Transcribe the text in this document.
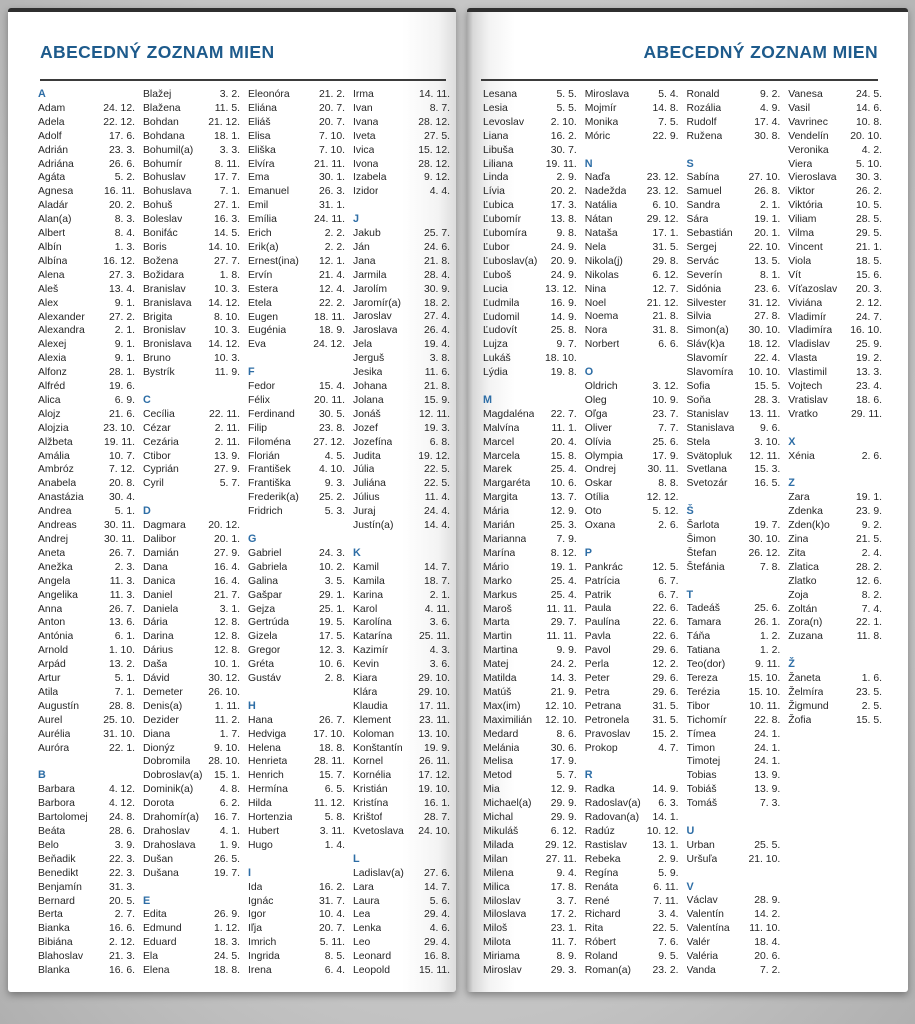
ABECEDNÝ ZOZNAM MIEN
A
Adam	24. 12.
Adela	22. 12.
Adolf	17. 6.
Adrián	23. 3.
Adriána	26. 6.
Agáta	5. 2.
Agnesa	16. 11.
Aladár	20. 2.
Alan(a)	8. 3.
Albert	8. 4.
Albín	1. 3.
Albína	16. 12.
Alena	27. 3.
Aleš	13. 4.
Alex	9. 1.
Alexander 27. 2.
Alexandra	2. 1.
Alexej	9. 1.
Alexia	9. 1.
Alfonz	28. 1.
Alfréd	19. 6.
Alica	6. 9.
Alojz	21. 6.
Alojzia	23. 10.
Alžbeta	19. 11.
Amália	10. 7.
Ambróz	7. 12.
Anabela	20. 8.
Anastázia 30. 4.
Andrea	5. 1.
Andreas	30. 11.
Andrej	30. 11.
Aneta	26. 7.
Anežka	2. 3.
Angela	11. 3.
Angelika	11. 3.
Anna	26. 7.
Anton	13. 6.
Antónia	6. 1.
Arnold	1. 10.
Arpád	13. 2.
Artur	5. 1.
Atila	7. 1.
Augustín	28. 8.
Aurel	25. 10.
Aurélia	31. 10.
Auróra	22. 1.
B
Barbara	4. 12.
Barbora	4. 12.
Bartolomej 24. 8.
Beáta	28. 6.
Belo	3. 9.
Beňadik	22. 3.
Benedikt	22. 3.
Benjamín	31. 3.
Bernard	20. 5.
Berta	2. 7.
Bianka	16. 6.
Bibiána	2. 12.
Blahoslav 21. 3.
Blanka	16. 6.
Blažej	3. 2.
Blažena	11. 5.
Bohdan	21. 12.
Bohdana	18. 1.
Bohumil(a)	3. 3.
Bohumír	8. 11.
Bohuslav	17. 7.
Bohuslava	7. 1.
Bohuš	27. 1.
Boleslav	16. 3.
Bonifác	14. 5.
Boris	14. 10.
Božena	27. 7.
Božidara	1. 8.
Branislav	10. 3.
Branislava 14. 12.
Brigita	8. 10.
Bronislav	10. 3.
Bronislava 14. 12.
Bruno	10. 3.
Bystrík	11. 9.
C
Cecília	22. 11.
Cézar	2. 11.
Cezária	2. 11.
Ctibor	13. 9.
Cyprián	27. 9.
Cyril	5. 7.
D
Dagmara 20. 12.
Dalibor	20. 1.
Damián	27. 9.
Dana	16. 4.
Danica	16. 4.
Daniel	21. 7.
Daniela	3. 1.
Dária	12. 8.
Darina	12. 8.
Dárius	12. 8.
Daša	10. 1.
Dávid	30. 12.
Demeter 26. 10.
Denis(a)	1. 11.
Dezider	11. 2.
Diana	1. 7.
Dionýz	9. 10.
Dobromila 28. 10.
Dobroslav(a) 15. 1.
Dominik(a)	4. 8.
Dorota	6. 2.
Drahomír(a) 16. 7.
Drahoslav	4. 1.
Drahoslava 1. 9.
Dušan	26. 5.
Dušana	19. 7.
E
Edita	26. 9.
Edmund	1. 12.
Eduard	18. 3.
Ela	24. 5.
Elena	18. 8.
Eleonóra	21. 2.
Eliána	20. 7.
Eliáš	20. 7.
Elisa	7. 10.
Eliška	7. 10.
Elvíra	21. 11.
Ema	30. 1.
Emanuel	26. 3.
Emil	31. 1.
Emília	24. 11.
Erich	2. 2.
Erik(a)	2. 2.
Ernest(ina) 12. 1.
Ervín	21. 4.
Estera	12. 4.
Etela	22. 2.
Eugen	18. 11.
Eugénia	18. 9.
Eva	24. 12.
F
Fedor	15. 4.
Félix	20. 11.
Ferdinand 30. 5.
Filip	23. 8.
Filoména 27. 12.
Florián	4. 5.
František	4. 10.
Františka	9. 3.
Frederik(a) 25. 2.
Fridrich	5. 3.
G
Gabriel	24. 3.
Gabriela	10. 2.
Galina	3. 5.
Gašpar	29. 1.
Gejza	25. 1.
Gertrúda	19. 5.
Gizela	17. 5.
Gregor	12. 3.
Gréta	10. 6.
Gustáv	2. 8.
H
Hana	26. 7.
Hedviga	17. 10.
Helena	18. 8.
Henrieta	28. 11.
Henrich	15. 7.
Hermína	6. 5.
Hilda	11. 12.
Hortenzia	5. 8.
Hubert	3. 11.
Hugo	1. 4.
I
Ida	16. 2.
Ignác	31. 7.
Igor	10. 4.
Iľja	20. 7.
Imrich	5. 11.
Ingrida	8. 5.
Irena	6. 4.
Irma	14. 11.
Ivan	8. 7.
Ivana	28. 12.
Iveta	27. 5.
Ivica	15. 12.
Ivona	28. 12.
Izabela	9. 12.
Izidor	4. 4.
J
Jakub	25. 7.
Ján	24. 6.
Jana	21. 8.
Jarmila	28. 4.
Jarolím	30. 9.
Jaromír(a) 18. 2.
Jaroslav	27. 4.
Jaroslava	26. 4.
Jela	19. 4.
Jerguš	3. 8.
Jesika	11. 6.
Johana	21. 8.
Jolana	15. 9.
Jonáš	12. 11.
Jozef	19. 3.
Jozefína	6. 8.
Judita	19. 12.
Júlia	22. 5.
Juliána	22. 5.
Július	11. 4.
Juraj	24. 4.
Justín(a)	14. 4.
K
Kamil	14. 7.
Kamila	18. 7.
Karina	2. 1.
Karol	4. 11.
Karolína	3. 6.
Katarína	25. 11.
Kazimír	4. 3.
Kevin	3. 6.
Kiara	29. 10.
Klára	29. 10.
Klaudia	17. 11.
Klement	23. 11.
Koloman 13. 10.
Konštantín 19. 9.
Kornel	26. 11.
Kornélia	17. 12.
Kristián	19. 10.
Kristína	16. 1.
Krištof	28. 7.
Kvetoslava 24. 10.
L
Ladislav(a) 27. 6.
Lara	14. 7.
Laura	5. 6.
Lea	29. 4.
Lenka	4. 6.
Leo	29. 4.
Leonard	16. 8.
Leopold	15. 11.
ABECEDNÝ ZOZNAM MIEN
Lesana	5. 5.
Lesia	5. 5.
Levoslav	2. 10.
Liana	16. 2.
Libuša	30. 7.
Liliana	19. 11.
Linda	2. 9.
Lívia	20. 2.
Ľubica	17. 3.
Ľubomír	13. 8.
Ľubomíra	9. 8.
Ľubor	24. 9.
Ľuboslav(a) 20. 9.
Ľuboš	24. 9.
Lucia	13. 12.
Ľudmila	16. 9.
Ľudomil	14. 9.
Ľudovít	25. 8.
Lujza	9. 7.
Lukáš	18. 10.
Lýdia	19. 8.
M
Magdaléna 22. 7.
Malvína	11. 1.
Marcel	20. 4.
Marcela	15. 8.
Marek	25. 4.
Margaréta 10. 6.
Margita	13. 7.
Mária	12. 9.
Marián	25. 3.
Marianna	7. 9.
Marína	8. 12.
Mário	19. 1.
Marko	25. 4.
Markus	25. 4.
Maroš	11. 11.
Marta	29. 7.
Martin	11. 11.
Martina	9. 9.
Matej	24. 2.
Matilda	14. 3.
Matúš	21. 9.
Max(im) 12. 10.
Maximilián 12. 10.
Medard	8. 6.
Melánia	30. 6.
Melisa	17. 9.
Metod	5. 7.
Mia	12. 9.
Michael(a) 29. 9.
Michal	29. 9.
Mikuláš	6. 12.
Milada	29. 12.
Milan	27. 11.
Milena	9. 4.
Milica	17. 8.
Miloslav	3. 7.
Miloslava 17. 2.
Miloš	23. 1.
Milota	11. 7.
Miriama	8. 9.
Miroslav	29. 3.
Miroslava	5. 4.
Mojmír	14. 8.
Monika	7. 5.
Móric	22. 9.
N
Naďa	23. 12.
Nadežda 23. 12.
Natália	6. 10.
Nátan	29. 12.
Nataša	17. 1.
Nela	31. 5.
Nikola(j)	29. 8.
Nikolas	6. 12.
Nina	12. 7.
Noel	21. 12.
Noema	21. 8.
Nora	31. 8.
Norbert	6. 6.
O
Oldrich	3. 12.
Oleg	10. 9.
Oľga	23. 7.
Oliver	7. 7.
Olívia	25. 6.
Olympia	17. 9.
Ondrej	30. 11.
Oskar	8. 8.
Otília	12. 12.
Oto	5. 12.
Oxana	2. 6.
P
Pankrác	12. 5.
Patrícia	6. 7.
Patrik	6. 7.
Paula	22. 6.
Paulína	22. 6.
Pavla	22. 6.
Pavol	29. 6.
Perla	12. 2.
Peter	29. 6.
Petra	29. 6.
Petrana	31. 5.
Petronela 31. 5.
Pravoslav 15. 2.
Prokop	4. 7.
R
Radka	14. 9.
Radoslav(a) 6. 3.
Radovan(a) 14. 1.
Radúz	10. 12.
Rastislav 13. 1.
Rebeka	2. 9.
Regína	5. 9.
Renáta	6. 11.
René	7. 11.
Richard	3. 4.
Rita	22. 5.
Róbert	7. 6.
Roland	9. 5.
Roman(a) 23. 2.
Ronald	9. 2.
Rozália	4. 9.
Rudolf	17. 4.
Ružena	30. 8.
S
Sabína	27. 10.
Samuel	26. 8.
Sandra	2. 1.
Sára	19. 1.
Sebastián 20. 1.
Sergej	22. 10.
Servác	13. 5.
Severín	8. 1.
Sidónia	23. 6.
Silvester 31. 12.
Silvia	27. 8.
Simon(a) 30. 10.
Sláv(k)a 18. 12.
Slavomír	22. 4.
Slavomíra 10. 10.
Sofia	15. 5.
Soňa	28. 3.
Stanislav 13. 11.
Stanislava 9. 6.
Stela	3. 10.
Svätopluk 12. 11.
Svetlana	15. 3.
Svetozár	16. 5.
Š
Šarlota	19. 7.
Šimon	30. 10.
Štefan	26. 12.
Štefánia	7. 8.
T
Tadeáš	25. 6.
Tamara	26. 1.
Táňa	1. 2.
Tatiana	1. 2.
Teo(dor)	9. 11.
Tereza	15. 10.
Terézia	15. 10.
Tibor	10. 11.
Tichomír	22. 8.
Tímea	24. 1.
Timon	24. 1.
Timotej	24. 1.
Tobias	13. 9.
Tobiáš	13. 9.
Tomáš	7. 3.
U
Urban	25. 5.
Uršuľa	21. 10.
V
Václav	28. 9.
Valentín	14. 2.
Valentína 11. 10.
Valér	18. 4.
Valéria	20. 6.
Vanda	7. 2.
Vanesa	24. 5.
Vasil	14. 6.
Vavrinec	10. 8.
Vendelín 20. 10.
Veronika	4. 2.
Viera	5. 10.
Vieroslava 30. 3.
Viktor	26. 2.
Viktória	10. 5.
Viliam	28. 5.
Vilma	29. 5.
Vincent	21. 1.
Viola	18. 5.
Vít	15. 6.
Víťazoslav 20. 3.
Viviána	2. 12.
Vladimír	24. 7.
Vladimíra 16. 10.
Vladislav	25. 9.
Vlasta	19. 2.
Vlastimil	13. 3.
Vojtech	23. 4.
Vratislav	18. 6.
Vratko	29. 11.
X
Xénia	2. 6.
Z
Zara	19. 1.
Zdenka	23. 9.
Zden(k)o	9. 2.
Zina	21. 5.
Zita	2. 4.
Zlatica	28. 2.
Zlatko	12. 6.
Zoja	8. 2.
Zoltán	7. 4.
Zora(n)	22. 1.
Zuzana	11. 8.
Ž
Žaneta	1. 6.
Želmíra	23. 5.
Žigmund	2. 5.
Žofia	15. 5.
